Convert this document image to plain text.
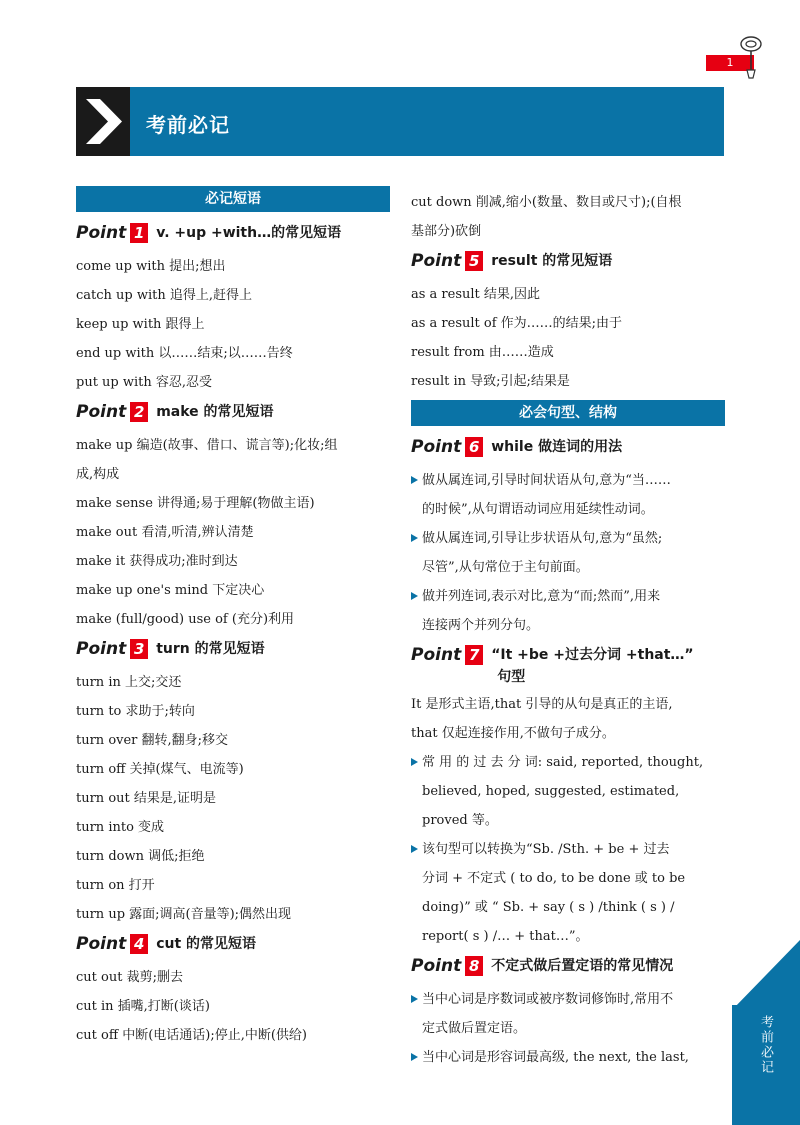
1
考前必记
必记短语
Point 1 v. +up +with…的常见短语
come up with 提出;想出
catch up with 追得上,赶得上
keep up with 跟得上
end up with 以……结束;以……告终
put up with 容忍,忍受
Point 2 make 的常见短语
make up 编造(故事、借口、谎言等);化妆;组
成,构成
make sense 讲得通;易于理解(物做主语)
make out 看清,听清,辨认清楚
make it 获得成功;准时到达
make up one's mind 下定决心
make (full/good) use of (充分)利用
Point 3 turn 的常见短语
turn in 上交;交还
turn to 求助于;转向
turn over 翻转,翻身;移交
turn off 关掉(煤气、电流等)
turn out 结果是,证明是
turn into 变成
turn down 调低;拒绝
turn on 打开
turn up 露面;调高(音量等);偶然出现
Point 4 cut 的常见短语
cut out 裁剪;删去
cut in 插嘴,打断(谈话)
cut off 中断(电话通话);停止,中断(供给)
cut down 削减,缩小(数量、数目或尺寸);(自根
基部分)砍倒
Point 5 result 的常见短语
as a result 结果,因此
as a result of 作为……的结果;由于
result from 由……造成
result in 导致;引起;结果是
必会句型、结构
Point 6 while 做连词的用法
做从属连词,引导时间状语从句,意为“当……
的时候”,从句谓语动词应用延续性动词。
做从属连词,引导让步状语从句,意为“虽然;
尽管”,从句常位于主句前面。
做并列连词,表示对比,意为“而;然而”,用来
连接两个并列分句。
Point 7 “It +be +过去分词 +that…”
句型
It 是形式主语,that 引导的从句是真正的主语,
that 仅起连接作用,不做句子成分。
常 用 的 过 去 分 词: said, reported, thought,
believed, hoped, suggested, estimated, proved 等。
该句型可以转换为“Sb. /Sth. + be + 过去
分词 + 不定式 ( to do, to be done 或 to be
doing)” 或 “ Sb. + say ( s ) /think ( s ) /
report( s ) /… + that…”。
Point 8 不定式做后置定语的常见情况
当中心词是序数词或被序数词修饰时,常用不
定式做后置定语。
当中心词是形容词最高级, the next, the last,	考前必记
